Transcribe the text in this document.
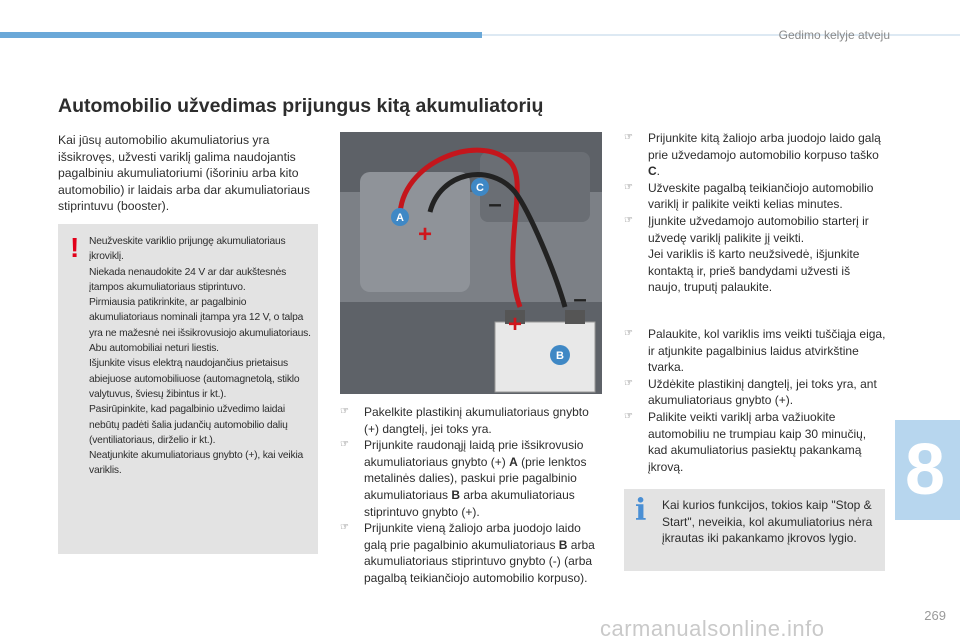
Gedimo kelyje atveju
Automobilio užvedimas prijungus kitą akumuliatorių
Kai jūsų automobilio akumuliatorius yra išsikrovęs, užvesti variklį galima naudojantis pagalbiniu akumuliatoriumi (išoriniu arba kito automobilio) ir laidais arba dar akumuliatoriaus stiprintuvu (booster).
! Neužveskite variklio prijungę akumuliatoriaus įkroviklį.
Niekada nenaudokite 24 V ar dar aukštesnės įtampos akumuliatoriaus stiprintuvo.
Pirmiausia patikrinkite, ar pagalbinio akumuliatoriaus nominali įtampa yra 12 V, o talpa yra ne mažesnė nei išsikrovusiojo akumuliatoriaus.
Abu automobiliai neturi liestis.
Išjunkite visus elektrą naudojančius prietaisus abiejuose automobiliuose (automagnetolą, stiklo valytuvus, šviesų žibintus ir kt.).
Pasirūpinkite, kad pagalbinio užvedimo laidai nebūtų padėti šalia judančių automobilio dalių (ventiliatoriaus, dirželio ir kt.).
Neatjunkite akumuliatoriaus gnybto (+), kai veikia variklis.
A
C
B
+
+
–
–
☞ Pakelkite plastikinį akumuliatoriaus gnybto (+) dangtelį, jei toks yra.
☞ Prijunkite raudonąjį laidą prie išsikrovusio akumuliatoriaus gnybto (+) A (prie lenktos metalinės dalies), paskui prie pagalbinio akumuliatoriaus B arba akumuliatoriaus stiprintuvo gnybto (+).
☞ Prijunkite vieną žaliojo arba juodojo laido galą prie pagalbinio akumuliatoriaus B arba akumuliatoriaus stiprintuvo gnybto (-) (arba pagalbą teikiančiojo automobilio korpuso).
☞ Prijunkite kitą žaliojo arba juodojo laido galą prie užvedamojo automobilio korpuso taško C.
☞ Užveskite pagalbą teikiančiojo automobilio variklį ir palikite veikti kelias minutes.
☞ Įjunkite užvedamojo automobilio starterį ir užvedę variklį palikite jį veikti.
Jei variklis iš karto neužsivedė, išjunkite kontaktą ir, prieš bandydami užvesti iš naujo, truputį palaukite.
☞ Palaukite, kol variklis ims veikti tuščiąja eiga, ir atjunkite pagalbinius laidus atvirkštine tvarka.
☞ Uždėkite plastikinį dangtelį, jei toks yra, ant akumuliatoriaus gnybto (+).
☞ Palikite veikti variklį arba važiuokite automobiliu ne trumpiau kaip 30 minučių, kad akumuliatorius pasiektų pakankamą įkrovą.
i Kai kurios funkcijos, tokios kaip "Stop & Start", neveikia, kol akumuliatorius nėra įkrautas iki pakankamo įkrovos lygio.
8
carmanualsonline.info
269
